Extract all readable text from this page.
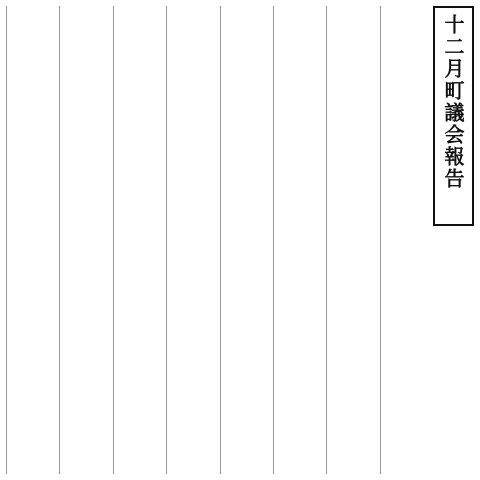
十二月町議会報告
